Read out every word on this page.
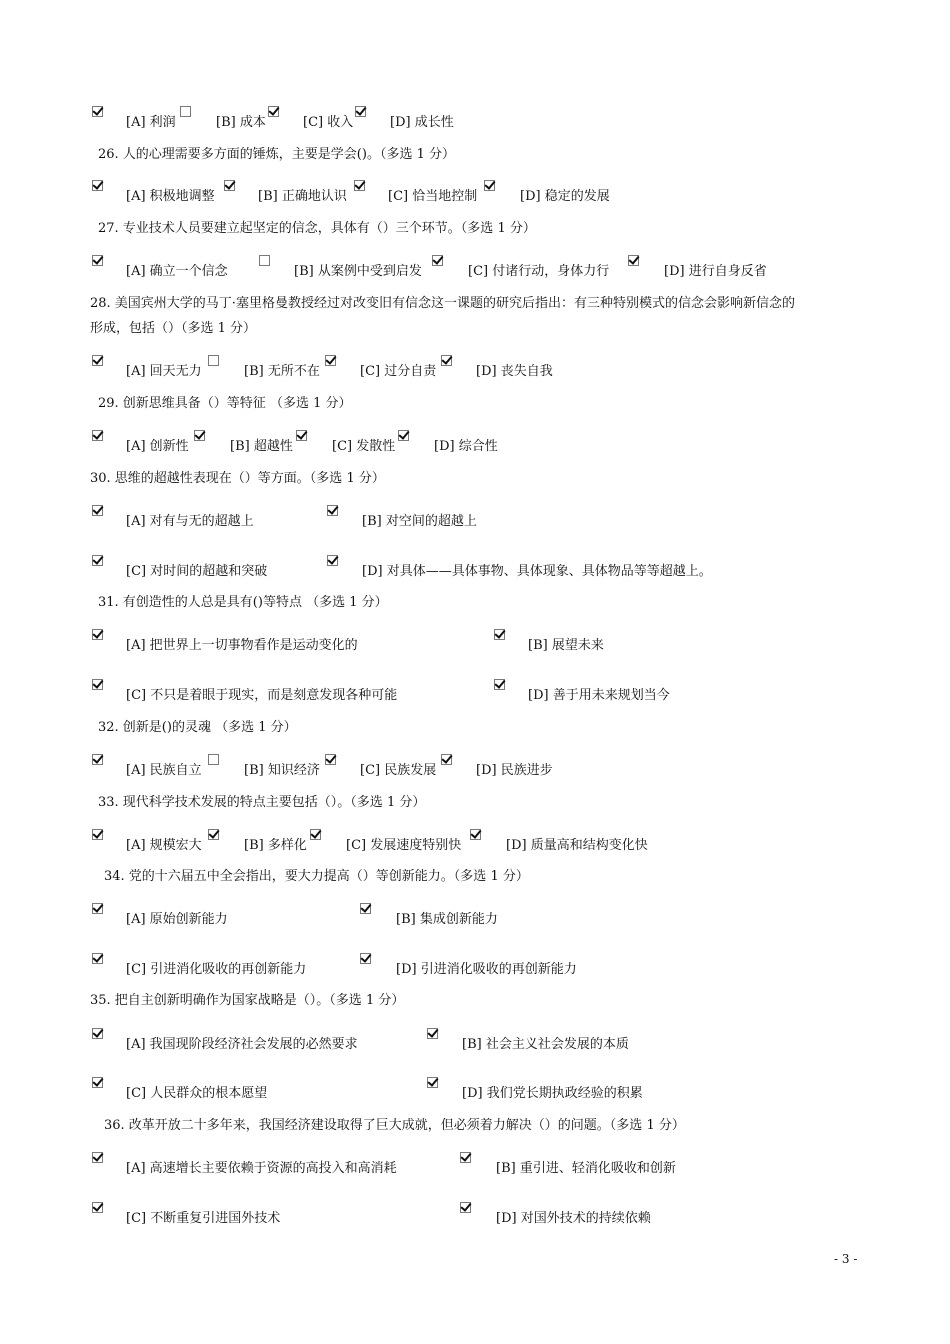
[A] 利润	[B] 成本	[C] 收入	[D] 成长性
26. 人的心理需要多方面的锤炼，主要是学会()。（多选 1 分）
[A] 积极地调整	[B] 正确地认识	[C] 恰当地控制	[D] 稳定的发展
27. 专业技术人员要建立起坚定的信念，具体有（）三个环节。（多选 1 分）
[A] 确立一个信念	[B] 从案例中受到启发	[C] 付诸行动，身体力行	[D] 进行自身反省
28. 美国宾州大学的马丁·塞里格曼教授经过对改变旧有信念这一课题的研究后指出：有三种特别模式的信念会影响新信念的
形成，包括（）（多选 1 分）
[A] 回天无力	[B] 无所不在	[C] 过分自责	[D] 丧失自我
29. 创新思维具备（）等特征 （多选 1 分）
[A] 创新性	[B] 超越性	[C] 发散性	[D] 综合性
30. 思维的超越性表现在（）等方面。（多选 1 分）
[A] 对有与无的超越上	[B] 对空间的超越上
[C] 对时间的超越和突破	[D] 对具体——具体事物、具体现象、具体物品等等超越上。
31. 有创造性的人总是具有()等特点 （多选 1 分）
[A] 把世界上一切事物看作是运动变化的	[B] 展望未来
[C] 不只是着眼于现实，而是刻意发现各种可能	[D] 善于用未来规划当今
32. 创新是()的灵魂 （多选 1 分）
[A] 民族自立	[B] 知识经济	[C] 民族发展	[D] 民族进步
33. 现代科学技术发展的特点主要包括（）。（多选 1 分）
[A] 规模宏大	[B] 多样化	[C] 发展速度特别快	[D] 质量高和结构变化快
34. 党的十六届五中全会指出，要大力提高（）等创新能力。（多选 1 分）
[A] 原始创新能力	[B] 集成创新能力
[C] 引进消化吸收的再创新能力	[D] 引进消化吸收的再创新能力
35. 把自主创新明确作为国家战略是（）。（多选 1 分）
[A] 我国现阶段经济社会发展的必然要求	[B] 社会主义社会发展的本质
[C] 人民群众的根本愿望	[D] 我们党长期执政经验的积累
36. 改革开放二十多年来，我国经济建设取得了巨大成就，但必须着力解决（）的问题。（多选 1 分）
[A] 高速增长主要依赖于资源的高投入和高消耗	[B] 重引进、轻消化吸收和创新
[C] 不断重复引进国外技术	[D] 对国外技术的持续依赖
- 3 -
